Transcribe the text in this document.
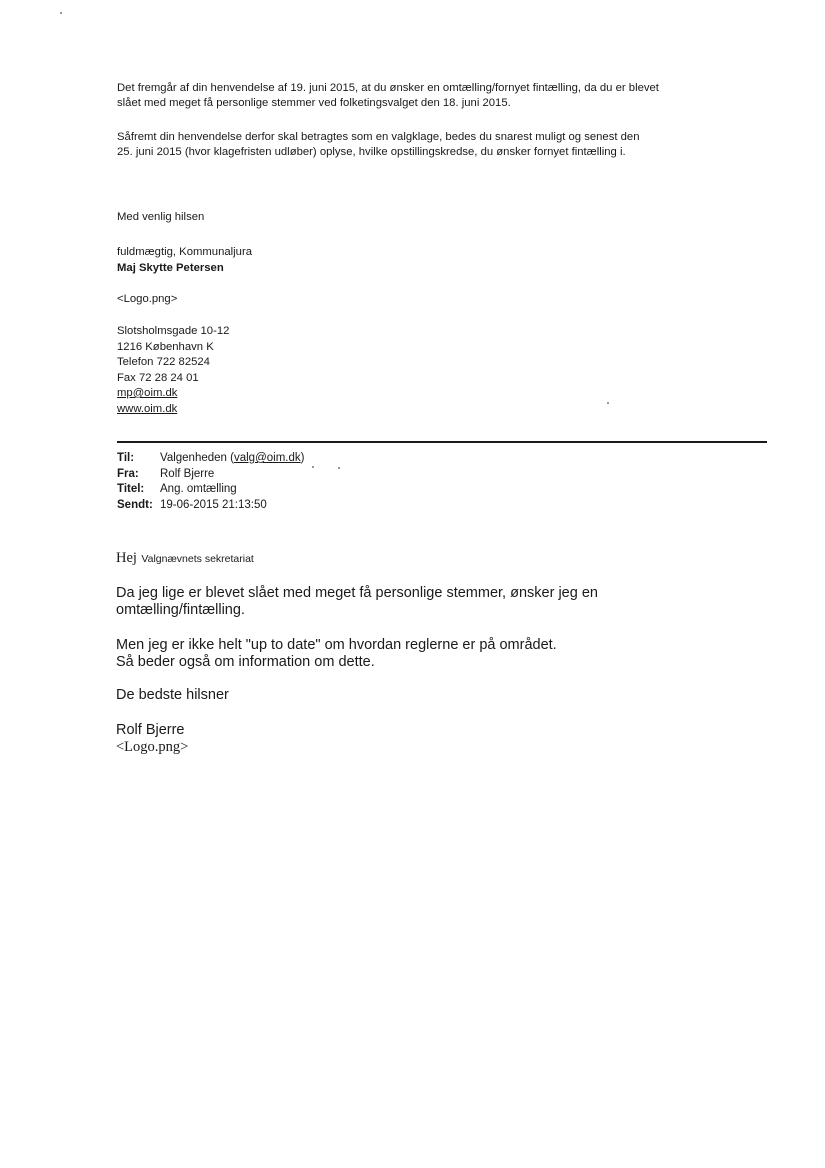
Det fremgår af din henvendelse af 19. juni 2015, at du ønsker en omtælling/fornyet fintælling, da du er blevet

slået med meget få personlige stemmer ved folketingsvalget den 18. juni 2015.

Såfremt din henvendelse derfor skal betragtes som en valgklage, bedes du snarest muligt og senest den

25. juni 2015 (hvor klagefristen udløber) oplyse, hvilke opstillingskredse, du ønsker fornyet fintælling i.

Med venlig hilsen

fuldmægtig, Kommunaljura

Maj Skytte Petersen

<Logo.png>

Slotsholmsgade 10-12

1216 København K

Telefon 722 82524

Fax 72 28 24 01

mp@oim.dk

www.oim.dk

Til:	Valgenheden (valg@oim.dk)
Fra:	Rolf Bjerre
Titel:	Ang. omtælling
Sendt: 19-06-2015 21:13:50
Hej Valgnævnets sekretariat
Da jeg lige er blevet slået med meget få personlige stemmer, ønsker jeg en
omtælling/fintælling.
Men jeg er ikke helt "up to date" om hvordan reglerne er på området.
Så beder også om information om dette.
De bedste hilsner
Rolf Bjerre
<Logo.png>
